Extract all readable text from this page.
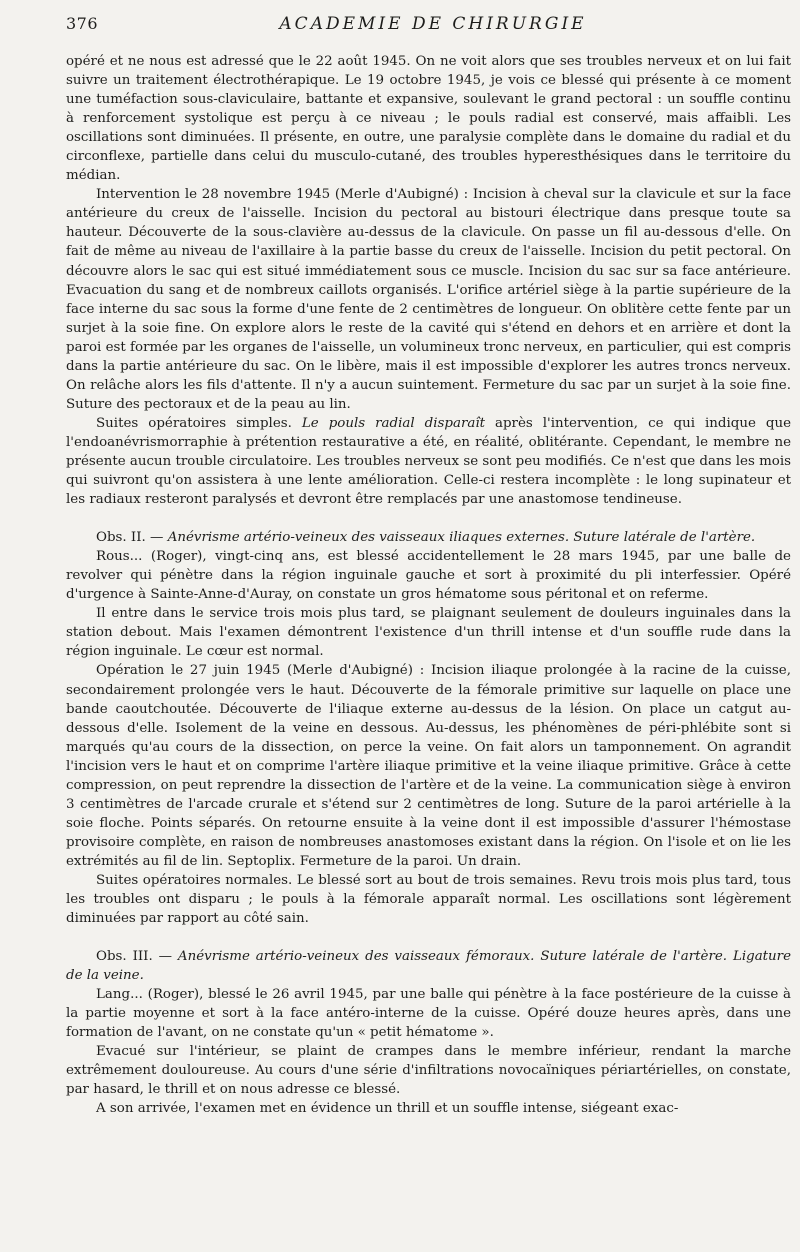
376	ACADEMIE DE CHIRURGIE

opéré et ne nous est adressé que le 22 août 1945. On ne voit alors que ses troubles nerveux et on lui fait suivre un traitement électrothérapique. Le 19 octobre 1945, je vois ce blessé qui présente à ce moment une tuméfaction sous-claviculaire, battante et expansive, soulevant le grand pectoral : un souffle continu à renforcement systolique est perçu à ce niveau ; le pouls radial est conservé, mais affaibli. Les oscillations sont diminuées. Il présente, en outre, une paralysie complète dans le domaine du radial et du circonflexe, partielle dans celui du musculo-cutané, des troubles hyperesthésiques dans le territoire du médian.

Intervention le 28 novembre 1945 (Merle d'Aubigné) : Incision à cheval sur la clavicule et sur la face antérieure du creux de l'aisselle. Incision du pectoral au bistouri électrique dans presque toute sa hauteur. Découverte de la sous-clavière au-dessus de la clavicule. On passe un fil au-dessous d'elle. On fait de même au niveau de l'axillaire à la partie basse du creux de l'aisselle. Incision du petit pectoral. On découvre alors le sac qui est situé immédiatement sous ce muscle. Incision du sac sur sa face antérieure. Evacuation du sang et de nombreux caillots organisés. L'orifice artériel siège à la partie supérieure de la face interne du sac sous la forme d'une fente de 2 centimètres de longueur. On oblitère cette fente par un surjet à la soie fine. On explore alors le reste de la cavité qui s'étend en dehors et en arrière et dont la paroi est formée par les organes de l'aisselle, un volumineux tronc nerveux, en particulier, qui est compris dans la partie antérieure du sac. On le libère, mais il est impossible d'explorer les autres troncs nerveux. On relâche alors les fils d'attente. Il n'y a aucun suintement. Fermeture du sac par un surjet à la soie fine. Suture des pectoraux et de la peau au lin.

Suites opératoires simples. Le pouls radial disparaît après l'intervention, ce qui indique que l'endoanévrismorraphie à prétention restaurative a été, en réalité, oblitérante. Cependant, le membre ne présente aucun trouble circulatoire. Les troubles nerveux se sont peu modifiés. Ce n'est que dans les mois qui suivront qu'on assistera à une lente amélioration. Celle-ci restera incomplète : le long supinateur et les radiaux resteront paralysés et devront être remplacés par une anastomose tendineuse.

Obs. II. — Anévrisme artério-veineux des vaisseaux iliaques externes. Suture latérale de l'artère.

Rous... (Roger), vingt-cinq ans, est blessé accidentellement le 28 mars 1945, par une balle de revolver qui pénètre dans la région inguinale gauche et sort à proximité du pli interfessier. Opéré d'urgence à Sainte-Anne-d'Auray, on constate un gros hématome sous péritonal et on referme.

Il entre dans le service trois mois plus tard, se plaignant seulement de douleurs inguinales dans la station debout. Mais l'examen démontrent l'existence d'un thrill intense et d'un souffle rude dans la région inguinale. Le cœur est normal.

Opération le 27 juin 1945 (Merle d'Aubigné) : Incision iliaque prolongée à la racine de la cuisse, secondairement prolongée vers le haut. Découverte de la fémorale primitive sur laquelle on place une bande caoutchoutée. Découverte de l'iliaque externe au-dessus de la lésion. On place un catgut au-dessous d'elle. Isolement de la veine en dessous. Au-dessus, les phénomènes de péri-phlébite sont si marqués qu'au cours de la dissection, on perce la veine. On fait alors un tamponnement. On agrandit l'incision vers le haut et on comprime l'artère iliaque primitive et la veine iliaque primitive. Grâce à cette compression, on peut reprendre la dissection de l'artère et de la veine. La communication siège à environ 3 centimètres de l'arcade crurale et s'étend sur 2 centimètres de long. Suture de la paroi artérielle à la soie floche. Points séparés. On retourne ensuite à la veine dont il est impossible d'assurer l'hémostase provisoire complète, en raison de nombreuses anastomoses existant dans la région. On l'isole et on lie les extrémités au fil de lin. Septoplix. Fermeture de la paroi. Un drain.

Suites opératoires normales. Le blessé sort au bout de trois semaines. Revu trois mois plus tard, tous les troubles ont disparu ; le pouls à la fémorale apparaît normal. Les oscillations sont légèrement diminuées par rapport au côté sain.

Obs. III. — Anévrisme artério-veineux des vaisseaux fémoraux. Suture latérale de l'artère. Ligature de la veine.

Lang... (Roger), blessé le 26 avril 1945, par une balle qui pénètre à la face postérieure de la cuisse à la partie moyenne et sort à la face antéro-interne de la cuisse. Opéré douze heures après, dans une formation de l'avant, on ne constate qu'un « petit hématome ».

Evacué sur l'intérieur, se plaint de crampes dans le membre inférieur, rendant la marche extrêmement douloureuse. Au cours d'une série d'infiltrations novocaïniques périartérielles, on constate, par hasard, le thrill et on nous adresse ce blessé.

A son arrivée, l'examen met en évidence un thrill et un souffle intense, siégeant exac-
